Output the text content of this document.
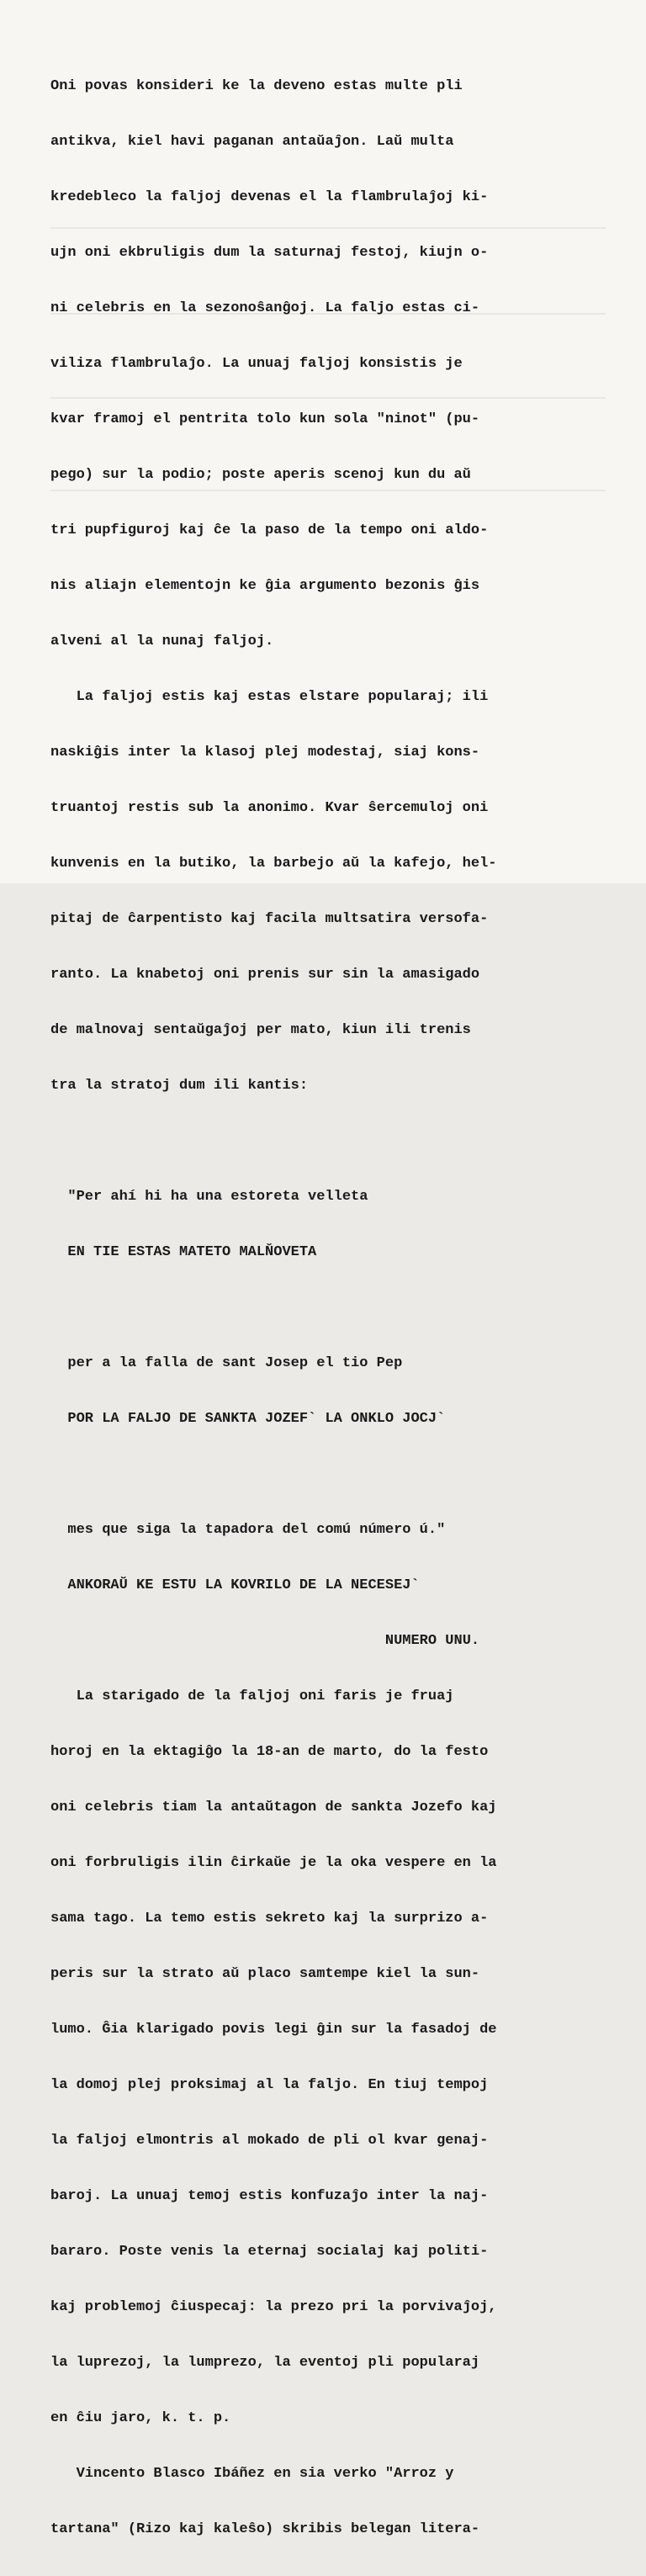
Oni povas konsideri ke la deveno estas multe pli

antikva, kiel havi paganan antaŭaĵon. Laŭ multa

kredebleco la faljoj devenas el la flambrulaĵoj ki-

ujn oni ekbruligis dum la saturnaj festoj, kiujn o-

ni celebris en la sezonoŝanĝoj. La faljo estas ci-

viliza flambrulaĵo. La unuaj faljoj konsistis je

kvar framoj el pentrita tolo kun sola "ninot" (pu-

pego) sur la podio; poste aperis scenoj kun du aŭ

tri pupfiguroj kaj ĉe la paso de la tempo oni aldo-

nis aliajn elementojn ke ĝia argumento bezonis ĝis

alveni al la nunaj faljoj.

La faljoj estis kaj estas elstare popularaj; ili

naskiĝis inter la klasoj plej modestaj, siaj kons-

truantoj restis sub la anonimo. Kvar ŝercemuloj oni

kunvenis en la butiko, la barbejo aŭ la kafejo, hel-

pitaj de ĉarpentisto kaj facila multsatira versofa-

ranto. La knabetoj oni prenis sur sin la amasigado

de malnovaj sentaŭgaĵoj per mato, kiun ili trenis

tra la stratoj dum ili kantis:

"Per ahí hi ha una estoreta velleta

EN TIE ESTAS MATETO MALŇOVETA

per a la falla de sant Josep el tio Pep

POR LA FALJO DE SANKTA JOZEF` LA ONKLO JOCJ`

mes que siga la tapadora del comú número ú."

ANKORAŬ KE ESTU LA KOVRILO DE LA NECESEJ`

NUMERO UNU.

La starigado de la faljoj oni faris je fruaj

horoj en la ektagiĝo la 18-an de marto, do la festo

oni celebris tiam la antaŭtagon de sankta Jozefo kaj

oni forbruligis ilin ĉirkaŭe je la oka vespere en la

sama tago. La temo estis sekreto kaj la surprizo a-

peris sur la strato aŭ placo samtempe kiel la sun-

lumo. Ĝia klarigado povis legi ĝin sur la fasadoj de

la domoj plej proksimaj al la faljo. En tiuj tempoj

la faljoj elmontris al mokado de pli ol kvar genaj-

baroj. La unuaj temoj estis konfuzaĵo inter la naj-

bararo. Poste venis la eternaj socialaj kaj politi-

kaj problemoj ĉiuspecaj: la prezo pri la porvivaĵoj,

la luprezoj, la lumprezo, la eventoj pli popularaj

en ĉiu jaro, k. t. p.

Vincento Blasco Ibáñez en sia verko "Arroz y

tartana" (Rizo kaj kaleŝo) skribis belegan litera-
